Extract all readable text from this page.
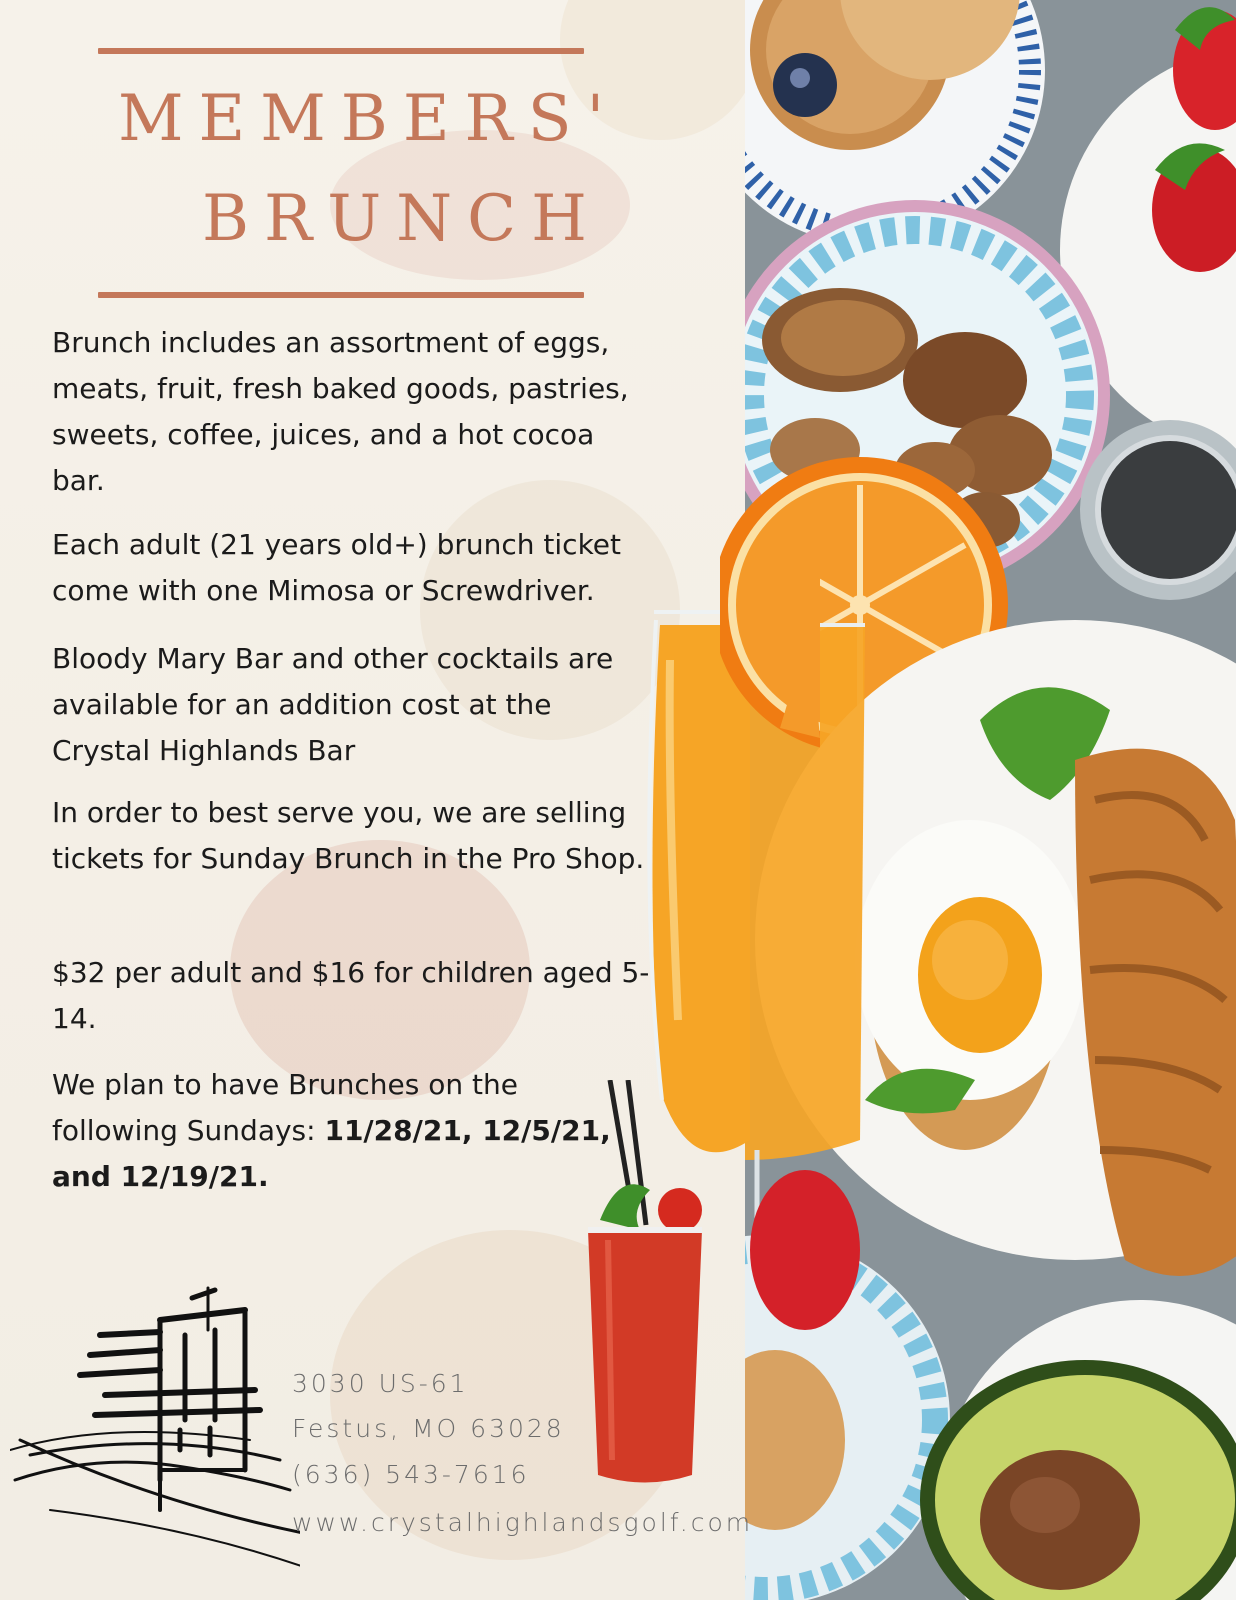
MEMBERS'
BRUNCH

Brunch includes an assortment of eggs, meats, fruit, fresh baked goods, pastries, sweets, coffee, juices, and a hot cocoa bar.

Each adult (21 years old+) brunch ticket come with one Mimosa or Screwdriver.

Bloody Mary Bar and other cocktails are available for an addition cost at the Crystal Highlands Bar

In order to best serve you, we are selling tickets for Sunday Brunch in the Pro Shop.

$32 per adult and $16 for children aged 5-14.

We plan to have Brunches on the following Sundays: 11/28/21, 12/5/21, and 12/19/21.

3030 US-61
Festus, MO 63028
(636) 543-7616
www.crystalhighlandsgolf.com
